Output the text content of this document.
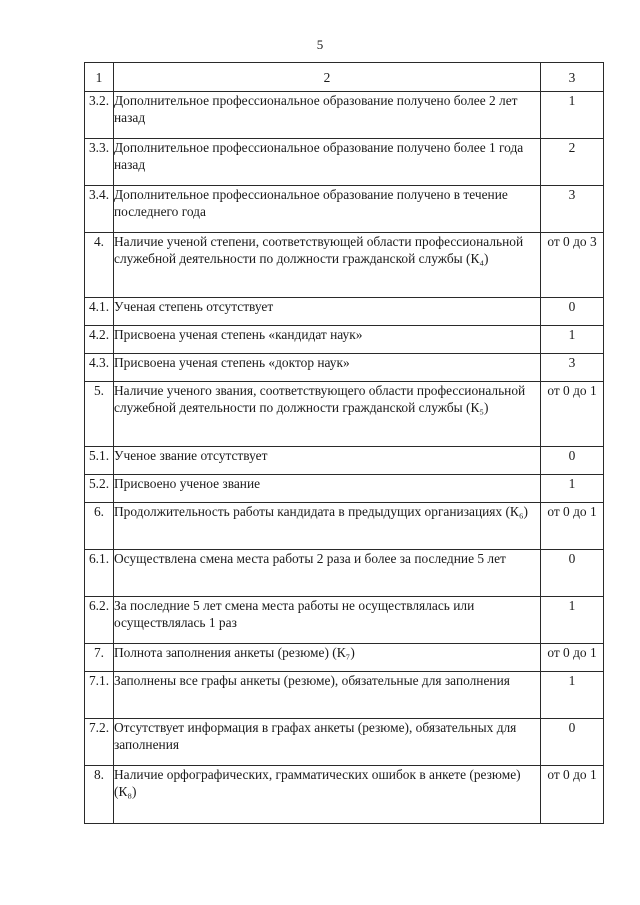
5
1	2	3
3.2.	Дополнительное профессиональное образование получено более 2 лет назад	1
3.3.	Дополнительное профессиональное образование получено более 1 года назад	2
3.4.	Дополнительное профессиональное образование получено в течение последнего года	3
4.	Наличие ученой степени, соответствующей области профессиональной служебной деятельности по должности гражданской службы (К₄)	от 0 до 3
4.1.	Ученая степень отсутствует	0
4.2.	Присвоена ученая степень «кандидат наук»	1
4.3.	Присвоена ученая степень «доктор наук»	3
5.	Наличие ученого звания, соответствующего области профессиональной служебной деятельности по должности гражданской службы (К₅)	от 0 до 1
5.1.	Ученое звание отсутствует	0
5.2.	Присвоено ученое звание	1
6.	Продолжительность работы кандидата в предыдущих организациях (К₆)	от 0 до 1
6.1.	Осуществлена смена места работы 2 раза и более за последние 5 лет	0
6.2.	За последние 5 лет смена места работы не осуществлялась или осуществлялась 1 раз	1
7.	Полнота заполнения анкеты (резюме) (К₇)	от 0 до 1
7.1.	Заполнены все графы анкеты (резюме), обязательные для заполнения	1
7.2.	Отсутствует информация в графах анкеты (резюме), обязательных для заполнения	0
8.	Наличие орфографических, грамматических ошибок в анкете (резюме) (К₈)	от 0 до 1
